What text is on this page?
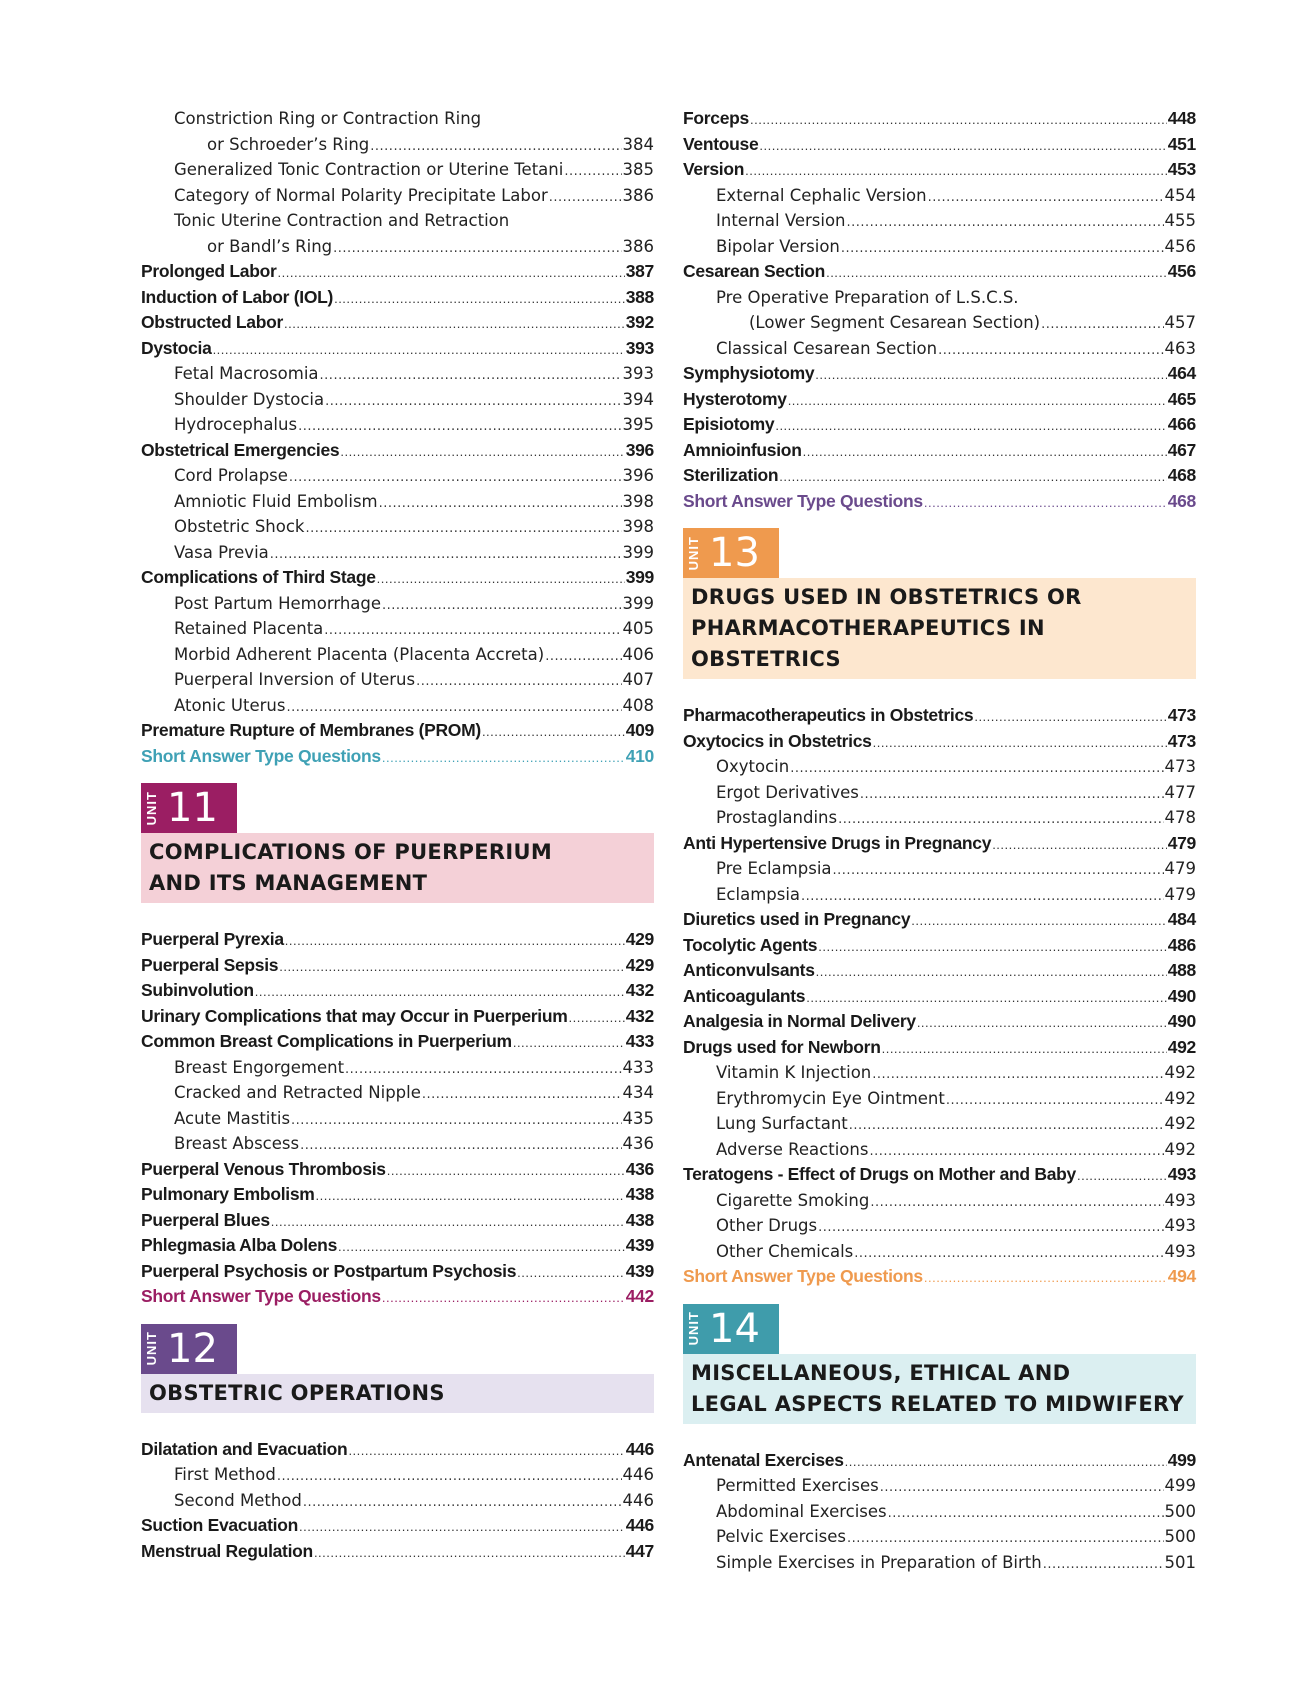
Constriction Ring or Contraction Ring
or Schroeder’s Ring .....	384
Generalized Tonic Contraction or Uterine Tetani .....	385
Category of Normal Polarity Precipitate Labor .....	386
Tonic Uterine Contraction and Retraction
or Bandl’s Ring .....	386
Prolonged Labor .....	387
Induction of Labor (IOL) .....	388
Obstructed Labor .....	392
Dystocia .....	393
Fetal Macrosomia .....	393
Shoulder Dystocia .....	394
Hydrocephalus .....	395
Obstetrical Emergencies .....	396
Cord Prolapse .....	396
Amniotic Fluid Embolism .....	398
Obstetric Shock .....	398
Vasa Previa .....	399
Complications of Third Stage .....	399
Post Partum Hemorrhage .....	399
Retained Placenta .....	405
Morbid Adherent Placenta (Placenta Accreta) .....	406
Puerperal Inversion of Uterus .....	407
Atonic Uterus .....	408
Premature Rupture of Membranes (PROM) .....	409
Short Answer Type Questions .....	410
UNIT 11
COMPLICATIONS OF PUERPERIUM
AND ITS MANAGEMENT
Puerperal Pyrexia .....	429
Puerperal Sepsis .....	429
Subinvolution .....	432
Urinary Complications that may Occur in Puerperium .....	432
Common Breast Complications in Puerperium .....	433
Breast Engorgement .....	433
Cracked and Retracted Nipple .....	434
Acute Mastitis .....	435
Breast Abscess .....	436
Puerperal Venous Thrombosis .....	436
Pulmonary Embolism .....	438
Puerperal Blues .....	438
Phlegmasia Alba Dolens .....	439
Puerperal Psychosis or Postpartum Psychosis .....	439
Short Answer Type Questions .....	442
UNIT 12
OBSTETRIC OPERATIONS
Dilatation and Evacuation .....	446
First Method .....	446
Second Method .....	446
Suction Evacuation .....	446
Menstrual Regulation .....	447
Forceps .....	448
Ventouse .....	451
Version .....	453
External Cephalic Version .....	454
Internal Version .....	455
Bipolar Version .....	456
Cesarean Section .....	456
Pre Operative Preparation of L.S.C.S.
(Lower Segment Cesarean Section) .....	457
Classical Cesarean Section .....	463
Symphysiotomy .....	464
Hysterotomy .....	465
Episiotomy .....	466
Amnioinfusion .....	467
Sterilization .....	468
Short Answer Type Questions .....	468
UNIT 13
DRUGS USED IN OBSTETRICS OR
PHARMACOTHERAPEUTICS IN OBSTETRICS
Pharmacotherapeutics in Obstetrics .....	473
Oxytocics in Obstetrics .....	473
Oxytocin .....	473
Ergot Derivatives .....	477
Prostaglandins .....	478
Anti Hypertensive Drugs in Pregnancy .....	479
Pre Eclampsia .....	479
Eclampsia .....	479
Diuretics used in Pregnancy .....	484
Tocolytic Agents .....	486
Anticonvulsants .....	488
Anticoagulants .....	490
Analgesia in Normal Delivery .....	490
Drugs used for Newborn .....	492
Vitamin K Injection .....	492
Erythromycin Eye Ointment .....	492
Lung Surfactant .....	492
Adverse Reactions .....	492
Teratogens - Effect of Drugs on Mother and Baby .....	493
Cigarette Smoking .....	493
Other Drugs .....	493
Other Chemicals .....	493
Short Answer Type Questions .....	494
UNIT 14
MISCELLANEOUS, ETHICAL AND
LEGAL ASPECTS RELATED TO MIDWIFERY
Antenatal Exercises .....	499
Permitted Exercises .....	499
Abdominal Exercises .....	500
Pelvic Exercises .....	500
Simple Exercises in Preparation of Birth .....	501
